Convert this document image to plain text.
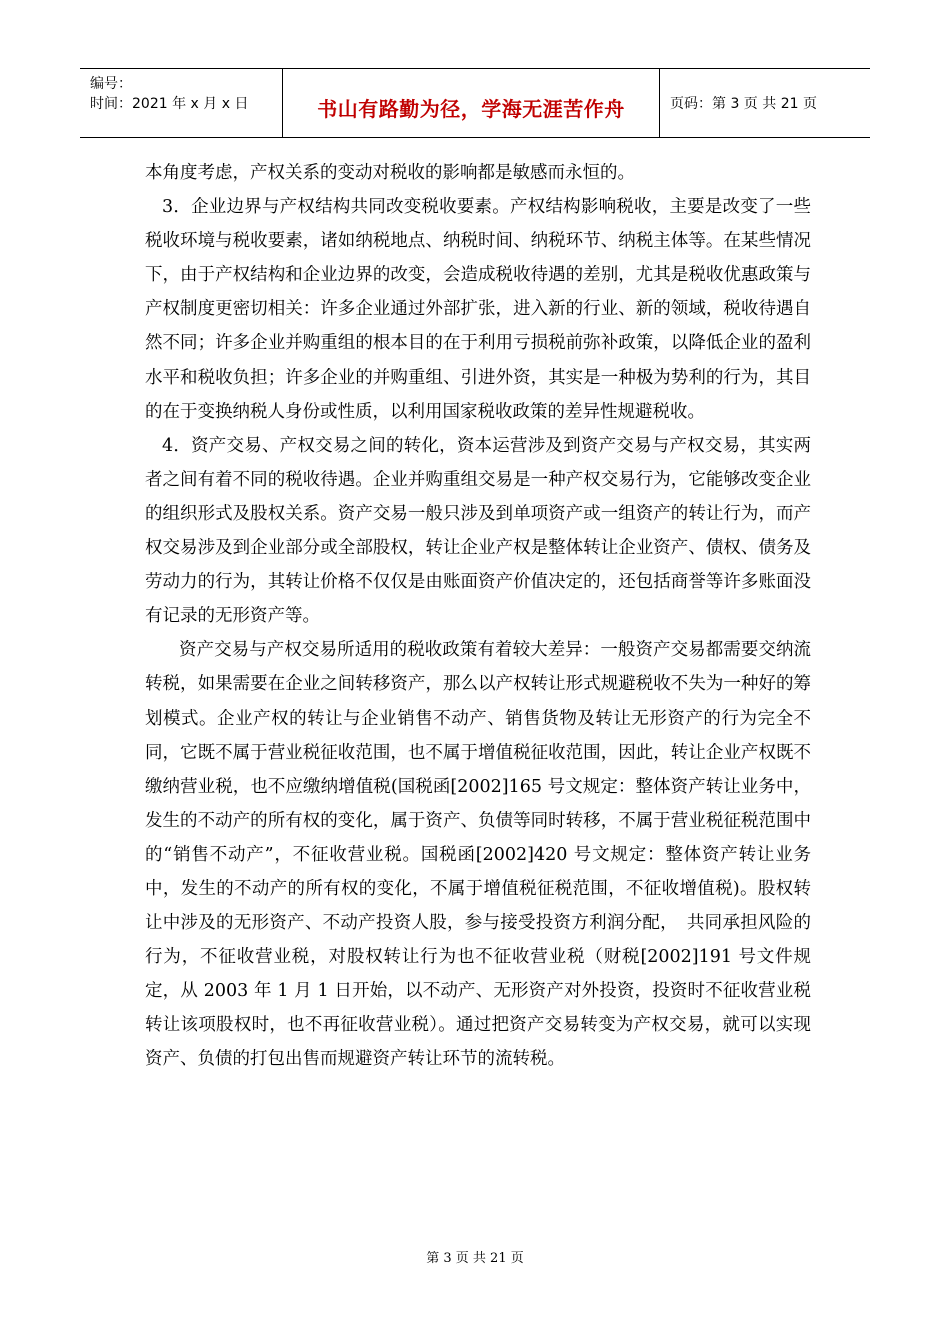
编号：
时间：2021 年 x 月 x 日	书山有路勤为径，学海无涯苦作舟	页码：第 3 页 共 21 页

本角度考虑，产权关系的变动对税收的影响都是敏感而永恒的。

3．企业边界与产权结构共同改变税收要素。产权结构影响税收，主要是改变了一些税收环境与税收要素，诸如纳税地点、纳税时间、纳税环节、纳税主体等。在某些情况下，由于产权结构和企业边界的改变，会造成税收待遇的差别，尤其是税收优惠政策与产权制度更密切相关：许多企业通过外部扩张，进入新的行业、新的领域，税收待遇自然不同；许多企业并购重组的根本目的在于利用亏损税前弥补政策，以降低企业的盈利水平和税收负担；许多企业的并购重组、引进外资，其实是一种极为势利的行为，其目的在于变换纳税人身份或性质，以利用国家税收政策的差异性规避税收。

4．资产交易、产权交易之间的转化，资本运营涉及到资产交易与产权交易，其实两者之间有着不同的税收待遇。企业并购重组交易是一种产权交易行为，它能够改变企业的组织形式及股权关系。资产交易一般只涉及到单项资产或一组资产的转让行为，而产权交易涉及到企业部分或全部股权，转让企业产权是整体转让企业资产、债权、债务及劳动力的行为，其转让价格不仅仅是由账面资产价值决定的，还包括商誉等许多账面没有记录的无形资产等。

资产交易与产权交易所适用的税收政策有着较大差异：一般资产交易都需要交纳流转税，如果需要在企业之间转移资产，那么以产权转让形式规避税收不失为一种好的筹划模式。企业产权的转让与企业销售不动产、销售货物及转让无形资产的行为完全不同，它既不属于营业税征收范围，也不属于增值税征收范围，因此，转让企业产权既不缴纳营业税，也不应缴纳增值税(国税函[2002]165 号文规定：整体资产转让业务中，发生的不动产的所有权的变化，属于资产、负债等同时转移，不属于营业税征税范围中的“销售不动产”，不征收营业税。国税函[2002]420 号文规定：整体资产转让业务中，发生的不动产的所有权的变化，不属于增值税征税范围，不征收增值税)。股权转让中涉及的无形资产、不动产投资人股，参与接受投资方利润分配，　共同承担风险的行为，不征收营业税，对股权转让行为也不征收营业税（财税[2002]191 号文件规定，从 2003 年 1 月 1 日开始，以不动产、无形资产对外投资，投资时不征收营业税转让该项股权时，也不再征收营业税）。通过把资产交易转变为产权交易，就可以实现资产、负债的打包出售而规避资产转让环节的流转税。

第 3 页 共 21 页
